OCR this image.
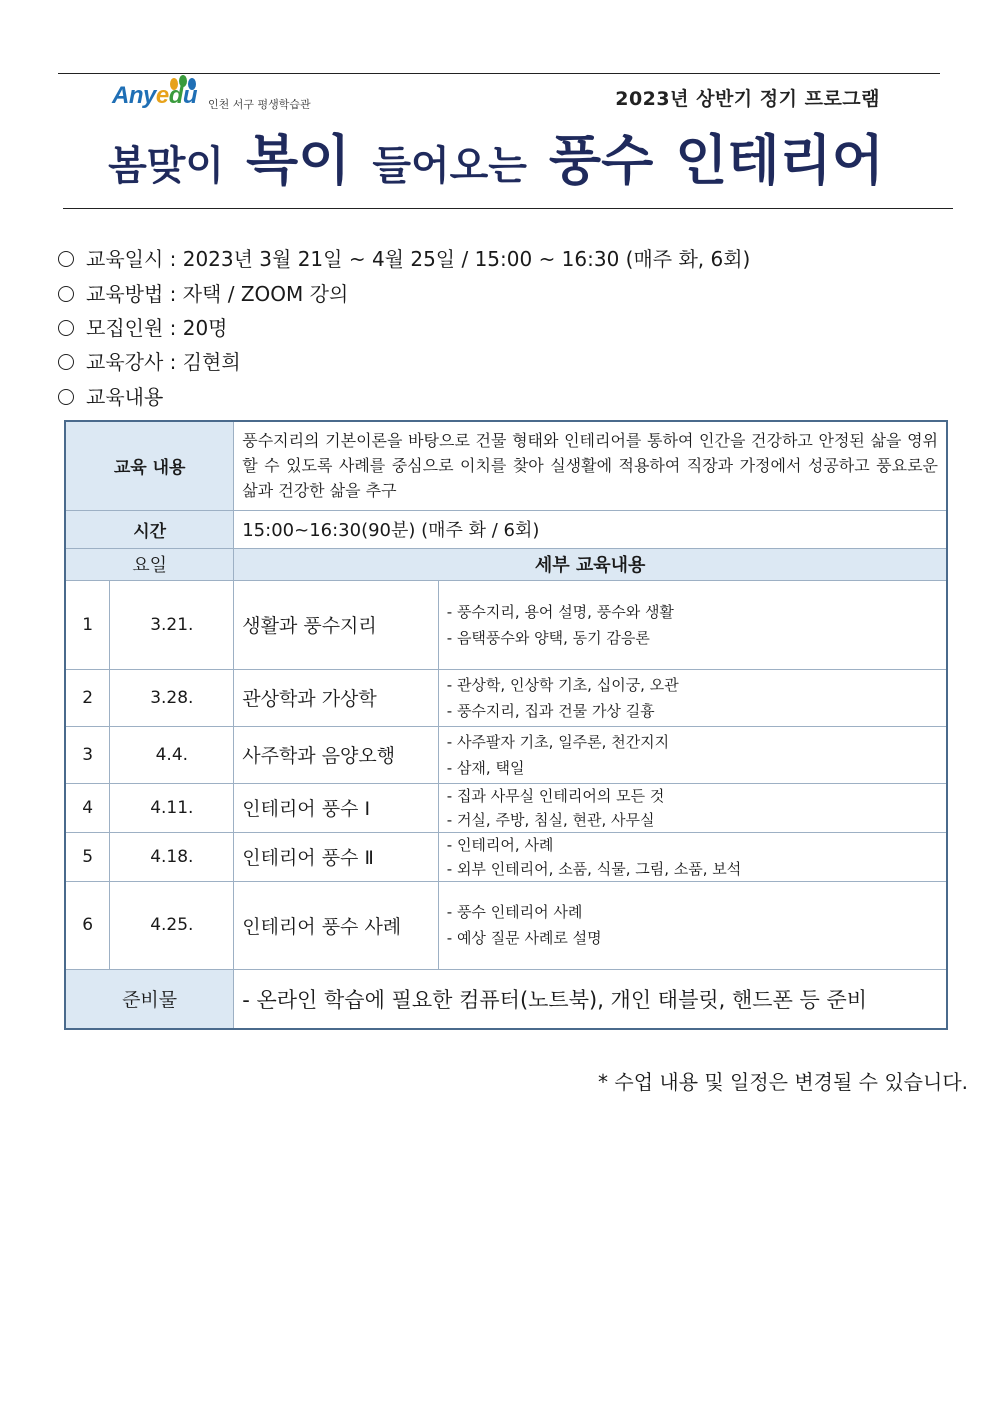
Anyedu 인천 서구 평생학습관	2023년 상반기 정기 프로그램
봄맞이 복이 들어오는 풍수 인테리어
교육일시 : 2023년 3월 21일 ~ 4월 25일 / 15:00 ~ 16:30 (매주 화, 6회)
교육방법 : 자택 / ZOOM 강의
모집인원 : 20명
교육강사 : 김현희
교육내용
교육 내용		풍수지리의 기본이론을 바탕으로 건물 형태와 인테리어를 통하여 인간을 건강하고 안정된 삶을 영위할 수 있도록 사례를 중심으로 이치를 찾아 실생활에 적용하여 직장과 가정에서 성공하고 풍요로운 삶과 건강한 삶을 추구	
시간		15:00~16:30(90분) (매주 화 / 6회)	
요일		세부 교육내용	
1	3.21.	생활과 풍수지리	- 풍수지리, 용어 설명, 풍수와 생활
- 음택풍수와 양택, 동기 감응론

2	3.28.	관상학과 가상학	- 관상학, 인상학 기초, 십이궁, 오관
- 풍수지리, 집과 건물 가상 길흉

3	4.4.	사주학과 음양오행	- 사주팔자 기초, 일주론, 천간지지
- 삼재, 택일

4	4.11.	인테리어 풍수 Ⅰ	- 집과 사무실 인테리어의 모든 것
- 거실, 주방, 침실, 현관, 사무실

5	4.18.	인테리어 풍수 Ⅱ	- 인테리어, 사례
- 외부 인테리어, 소품, 식물, 그림, 소품, 보석

6	4.25.	인테리어 풍수 사례	- 풍수 인테리어 사례
- 예상 질문 사례로 설명

준비물		- 온라인 학습에 필요한 컴퓨터(노트북), 개인 태블릿, 핸드폰 등 준비	
* 수업 내용 및 일정은 변경될 수 있습니다.
